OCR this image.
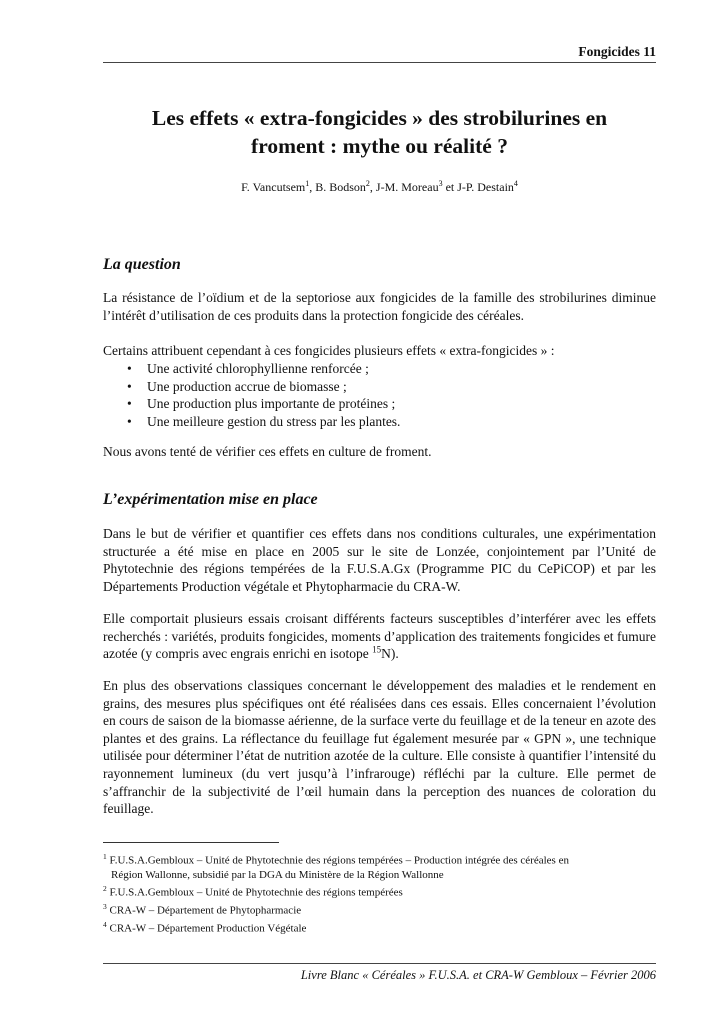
Fongicides 11
Les effets « extra-fongicides » des strobilurines en
froment : mythe ou réalité ?
F. Vancutsem$^1$, B. Bodson$^2$, J-M. Moreau$^3$ et J-P. Destain$^4$
La question

La résistance de l’oïdium et de la septoriose aux fongicides de la famille des strobilurines diminue l’intérêt d’utilisation de ces produits dans la protection fongicide des céréales.

Certains attribuent cependant à ces fongicides plusieurs effets « extra-fongicides » :

• Une activité chlorophyllienne renforcée ;
• Une production accrue de biomasse ;
• Une production plus importante de protéines ;
• Une meilleure gestion du stress par les plantes.

Nous avons tenté de vérifier ces effets en culture de froment.

L’expérimentation mise en place

Dans le but de vérifier et quantifier ces effets dans nos conditions culturales, une expérimentation structurée a été mise en place en 2005 sur le site de Lonzée, conjointement par l’Unité de Phytotechnie des régions tempérées de la F.U.S.A.Gx (Programme PIC du CePiCOP) et par les Départements Production végétale et Phytopharmacie du CRA-W.

Elle comportait plusieurs essais croisant différents facteurs susceptibles d’interférer avec les effets recherchés : variétés, produits fongicides, moments d’application des traitements fongicides et fumure azotée (y compris avec engrais enrichi en isotope $^{15}$N).

En plus des observations classiques concernant le développement des maladies et le rendement en grains, des mesures plus spécifiques ont été réalisées dans ces essais. Elles concernaient l’évolution en cours de saison de la biomasse aérienne, de la surface verte du feuillage et de la teneur en azote des plantes et des grains. La réflectance du feuillage fut également mesurée par « GPN », une technique utilisée pour déterminer l’état de nutrition azotée de la culture. Elle consiste à quantifier l’intensité du rayonnement lumineux (du vert jusqu’à l’infrarouge) réfléchi par la culture. Elle permet de s’affranchir de la subjectivité de l’œil humain dans la perception des nuances de coloration du feuillage.

$^1$ F.U.S.A.Gembloux – Unité de Phytotechnie des régions tempérées – Production intégrée des céréales en
Région Wallonne, subsidié par la DGA du Ministère de la Région Wallonne
$^2$ F.U.S.A.Gembloux – Unité de Phytotechnie des régions tempérées
$^3$ CRA-W – Département de Phytopharmacie
$^4$ CRA-W – Département Production Végétale
Livre Blanc « Céréales » F.U.S.A. et CRA-W Gembloux – Février 2006
